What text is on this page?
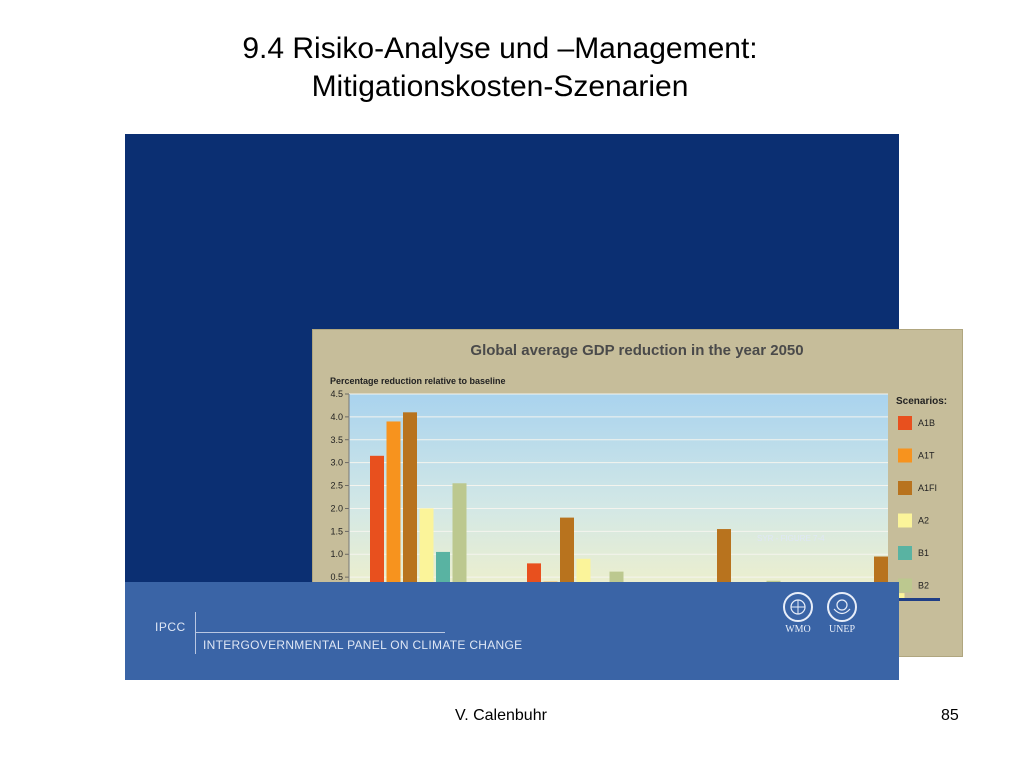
9.4 Risiko-Analyse und –Management:
Mitigationskosten-Szenarien
Global average GDP reduction in the year 2050
Percentage reduction relative to baseline
0.5
1.0
1.5
2.0
2.5
3.0
3.5
4.0
4.5
Scenarios:
A1B
A1T
A1FI
A2
B1
B2
SYR - FIGURE 7-4
IPCC
INTERGOVERNMENTAL PANEL ON CLIMATE CHANGE
WMO	UNEP
V. Calenbuhr	85
